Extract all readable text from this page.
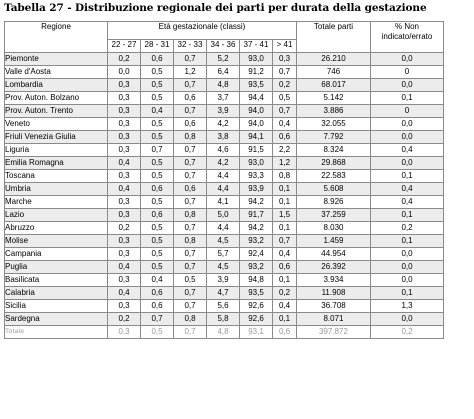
Tabella 27 - Distribuzione regionale dei parti per durata della gestazione
Regione	Età gestazionale (classi)						Totale parti	% Non
indicato/errato
	22 - 27	28 - 31	32 - 33	34 - 36	37 - 41	> 41		
Piemonte	0,2	0,6	0,7	5,2	93,0	0,3	26.210	0,0
Valle d'Aosta	0,0	0,5	1,2	6,4	91,2	0,7	746	0
Lombardia	0,3	0,5	0,7	4,8	93,5	0,2	68.017	0,0
Prov. Auton. Bolzano	0,3	0,5	0,6	3,7	94,4	0,5	5.142	0,1
Prov. Auton. Trento	0,3	0,4	0,7	3,9	94,0	0,7	3.886	0
Veneto	0,3	0,5	0,6	4,2	94,0	0,4	32.055	0,0
Friuli Venezia Giulia	0,3	0,5	0,8	3,8	94,1	0,6	7.792	0,0
Liguria	0,3	0,7	0,7	4,6	91,5	2,2	8.324	0,4
Emilia Romagna	0,4	0,5	0,7	4,2	93,0	1,2	29.868	0,0
Toscana	0,3	0,5	0,7	4,4	93,3	0,8	22.583	0,1
Umbria	0,4	0,6	0,6	4,4	93,9	0,1	5.608	0,4
Marche	0,3	0,5	0,7	4,1	94,2	0,1	8.926	0,4
Lazio	0,3	0,6	0,8	5,0	91,7	1,5	37.259	0,1
Abruzzo	0,2	0,5	0,7	4,4	94,2	0,1	8.030	0,2
Molise	0,3	0,5	0,8	4,5	93,2	0,7	1.459	0,1
Campania	0,3	0,5	0,7	5,7	92,4	0,4	44.954	0,0
Puglia	0,4	0,5	0,7	4,5	93,2	0,6	26.392	0,0
Basilicata	0,3	0,4	0,5	3,9	94,8	0,1	3.934	0,0
Calabria	0,4	0,6	0,7	4,7	93,5	0,2	11.908	0,1
Sicilia	0,3	0,6	0,7	5,6	92,6	0,4	36.708	1,3
Sardegna	0,2	0,7	0,8	5,8	92,6	0,1	8.071	0,0
Totale	0,3	0,5	0,7	4,8	93,1	0,6	397.872	0,2
